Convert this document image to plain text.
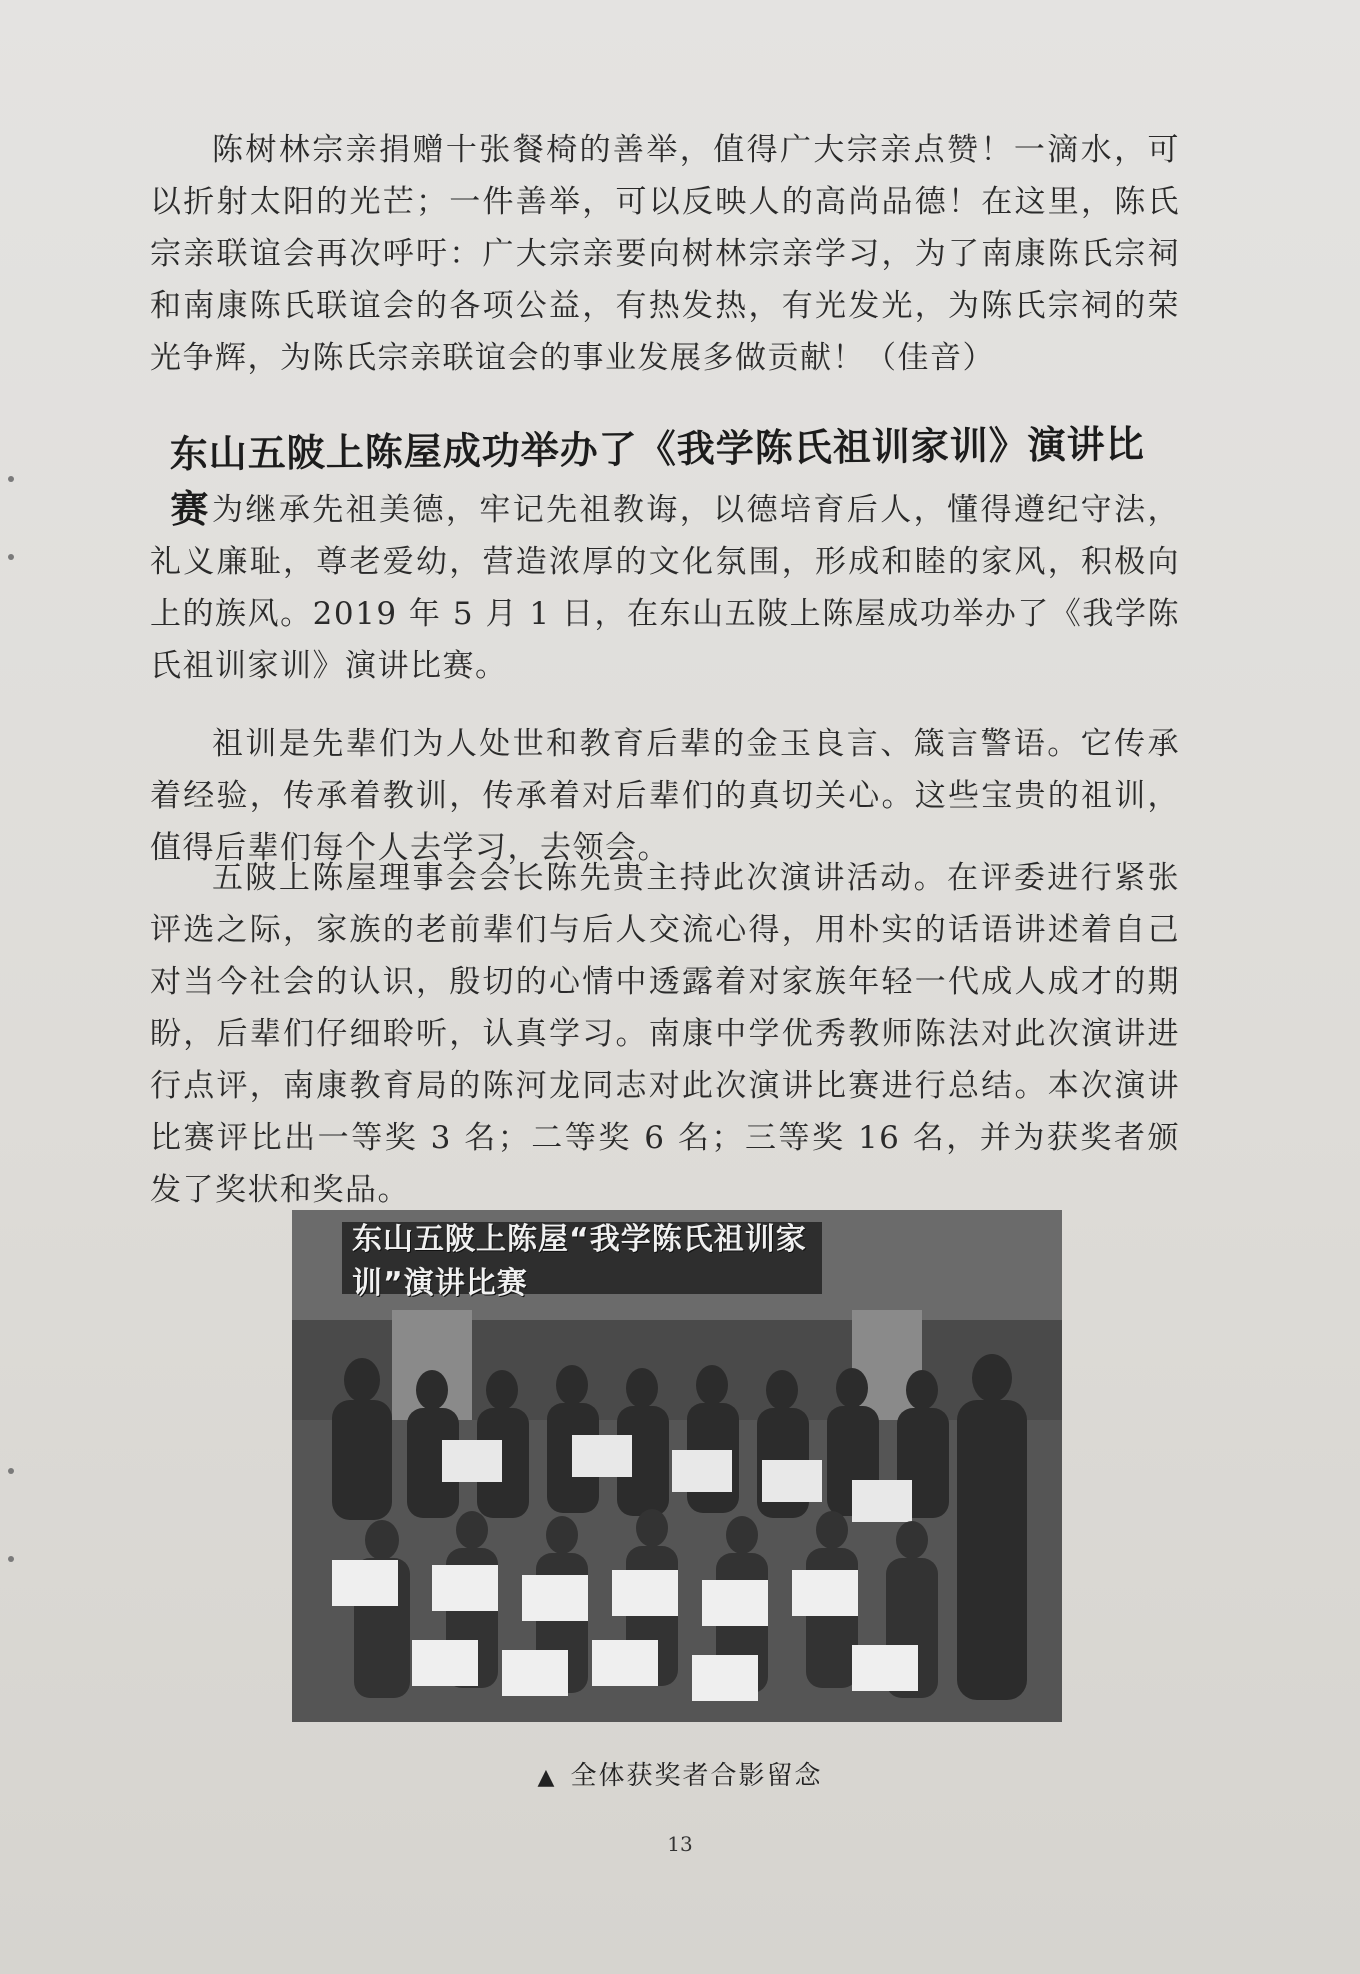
陈树林宗亲捐赠十张餐椅的善举，值得广大宗亲点赞！一滴水，可以折射太阳的光芒；一件善举，可以反映人的高尚品德！在这里，陈氏宗亲联谊会再次呼吁：广大宗亲要向树林宗亲学习，为了南康陈氏宗祠和南康陈氏联谊会的各项公益，有热发热，有光发光，为陈氏宗祠的荣光争辉，为陈氏宗亲联谊会的事业发展多做贡献！（佳音）

东山五陂上陈屋成功举办了《我学陈氏祖训家训》演讲比赛 为继承先祖美德，牢记先祖教诲，以德培育后人，懂得遵纪守法，礼义廉耻，尊老爱幼，营造浓厚的文化氛围，形成和睦的家风，积极向上的族风。2019 年 5 月 1 日，在东山五陂上陈屋成功举办了《我学陈氏祖训家训》演讲比赛。

祖训是先辈们为人处世和教育后辈的金玉良言、箴言警语。它传承着经验，传承着教训，传承着对后辈们的真切关心。这些宝贵的祖训，值得后辈们每个人去学习，去领会。

五陂上陈屋理事会会长陈先贵主持此次演讲活动。在评委进行紧张评选之际，家族的老前辈们与后人交流心得，用朴实的话语讲述着自己对当今社会的认识，殷切的心情中透露着对家族年轻一代成人成才的期盼，后辈们仔细聆听，认真学习。南康中学优秀教师陈法对此次演讲进行点评，南康教育局的陈河龙同志对此次演讲比赛进行总结。本次演讲比赛评比出一等奖 3 名；二等奖 6 名；三等奖 16 名，并为获奖者颁发了奖状和奖品。

东山五陂上陈屋“我学陈氏祖训家训”演讲比赛
▲ 全体获奖者合影留念
13
